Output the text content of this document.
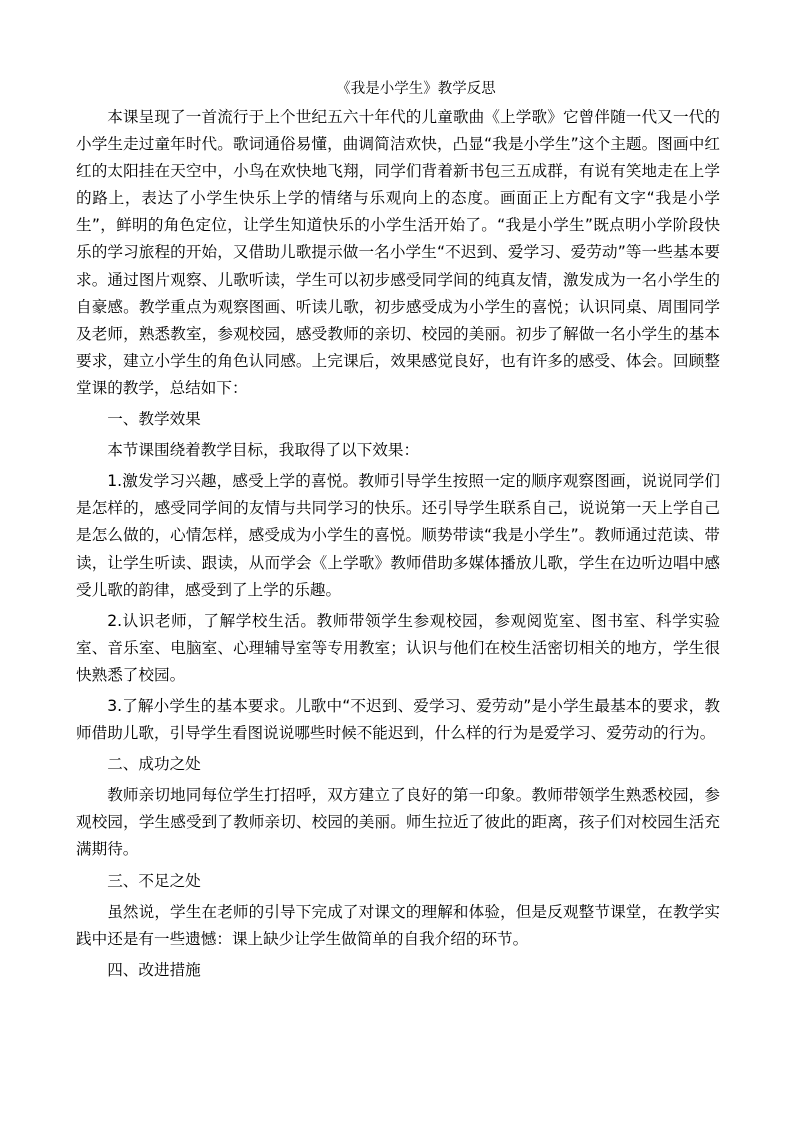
《我是小学生》教学反思

本课呈现了一首流行于上个世纪五六十年代的儿童歌曲《上学歌》它曾伴随一代又一代的小学生走过童年时代。歌词通俗易懂，曲调简洁欢快，凸显“我是小学生”这个主题。图画中红红的太阳挂在天空中，小鸟在欢快地飞翔，同学们背着新书包三五成群，有说有笑地走在上学的路上，表达了小学生快乐上学的情绪与乐观向上的态度。画面正上方配有文字“我是小学生”，鲜明的角色定位，让学生知道快乐的小学生活开始了。“我是小学生”既点明小学阶段快乐的学习旅程的开始，又借助儿歌提示做一名小学生“不迟到、爱学习、爱劳动”等一些基本要求。通过图片观察、儿歌听读，学生可以初步感受同学间的纯真友情，激发成为一名小学生的自豪感。教学重点为观察图画、听读儿歌，初步感受成为小学生的喜悦；认识同桌、周围同学及老师，熟悉教室，参观校园，感受教师的亲切、校园的美丽。初步了解做一名小学生的基本要求，建立小学生的角色认同感。上完课后，效果感觉良好，也有许多的感受、体会。回顾整堂课的教学，总结如下：

一、教学效果

本节课围绕着教学目标，我取得了以下效果：

1.激发学习兴趣，感受上学的喜悦。教师引导学生按照一定的顺序观察图画，说说同学们是怎样的，感受同学间的友情与共同学习的快乐。还引导学生联系自己，说说第一天上学自己是怎么做的，心情怎样，感受成为小学生的喜悦。顺势带读“我是小学生”。教师通过范读、带读，让学生听读、跟读，从而学会《上学歌》教师借助多媒体播放儿歌，学生在边听边唱中感受儿歌的韵律，感受到了上学的乐趣。

2.认识老师，了解学校生活。教师带领学生参观校园，参观阅览室、图书室、科学实验室、音乐室、电脑室、心理辅导室等专用教室；认识与他们在校生活密切相关的地方，学生很快熟悉了校园。

3.了解小学生的基本要求。儿歌中“不迟到、爱学习、爱劳动”是小学生最基本的要求，教师借助儿歌，引导学生看图说说哪些时候不能迟到，什么样的行为是爱学习、爱劳动的行为。

二、成功之处

教师亲切地同每位学生打招呼，双方建立了良好的第一印象。教师带领学生熟悉校园，参观校园，学生感受到了教师亲切、校园的美丽。师生拉近了彼此的距离，孩子们对校园生活充满期待。

三、不足之处

虽然说，学生在老师的引导下完成了对课文的理解和体验，但是反观整节课堂，在教学实践中还是有一些遗憾：课上缺少让学生做简单的自我介绍的环节。

四、改进措施
